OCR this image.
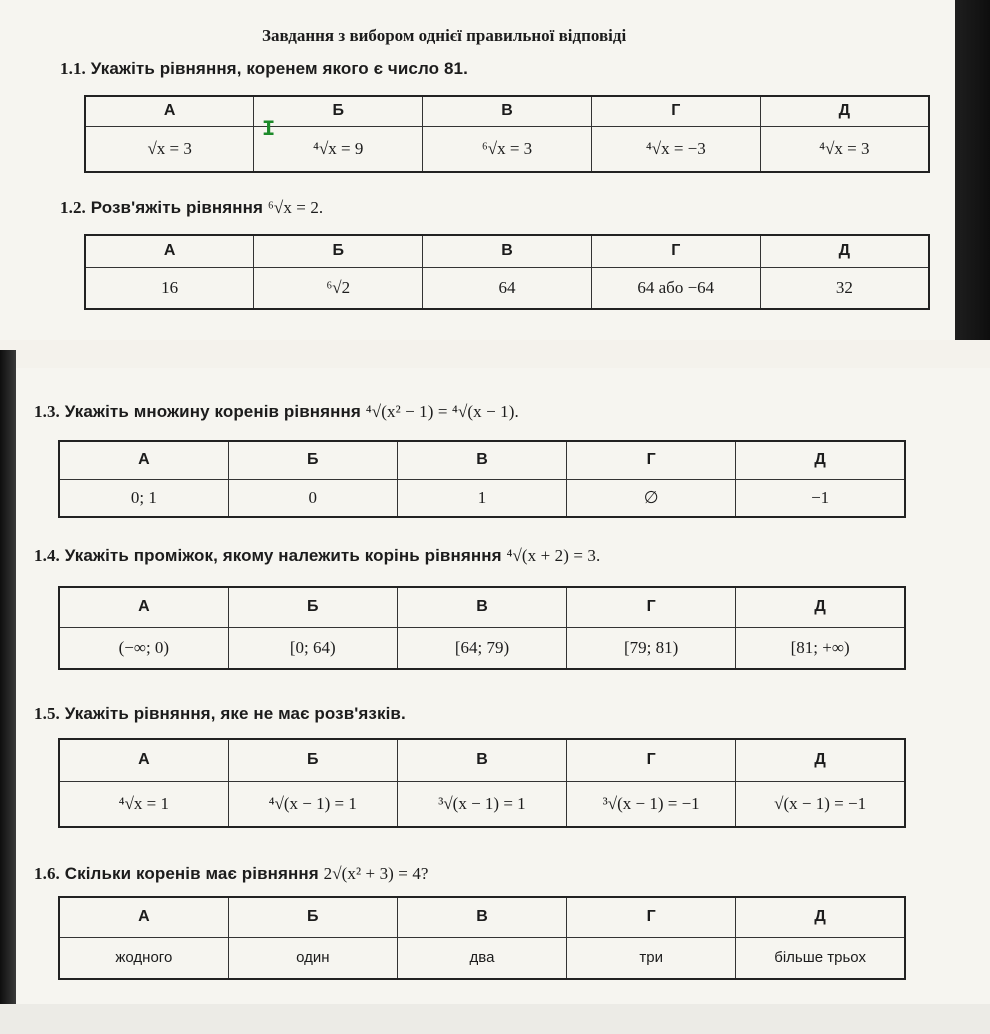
Завдання з вибором однієї правильної відповіді
1.1. Укажіть рівняння, коренем якого є число 81.
А	Б	В	Г	Д
√x = 3	⁴√x = 9	⁶√x = 3	⁴√x = −3	⁴√x = 3
I
1.2. Розв'яжіть рівняння ⁶√x = 2.
А	Б	В	Г	Д
16	⁶√2	64	64 або −64	32
1.3. Укажіть множину коренів рівняння ⁴√(x² − 1) = ⁴√(x − 1).
А	Б	В	Г	Д
0; 1	0	1	∅	−1
1.4. Укажіть проміжок, якому належить корінь рівняння ⁴√(x + 2) = 3.
А	Б	В	Г	Д
(−∞; 0)	[0; 64)	[64; 79)	[79; 81)	[81; +∞)
1.5. Укажіть рівняння, яке не має розв'язків.
А	Б	В	Г	Д
⁴√x = 1	⁴√(x − 1) = 1	³√(x − 1) = 1	³√(x − 1) = −1	√(x − 1) = −1
1.6. Скільки коренів має рівняння 2√(x² + 3) = 4?
А	Б	В	Г	Д
жодного	один	два	три	більше трьох
